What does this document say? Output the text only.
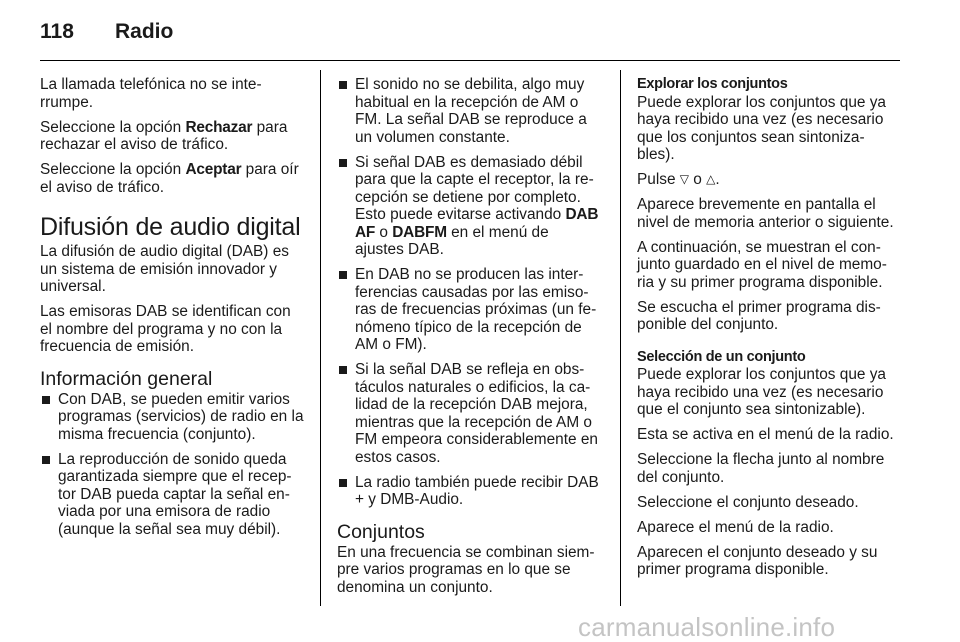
118 Radio

La llamada telefónica no se inte- rrumpe.

Seleccione la opción Rechazar para rechazar el aviso de tráfico.

Seleccione la opción Aceptar para oír el aviso de tráfico.

Difusión de audio digital

La difusión de audio digital (DAB) es un sistema de emisión innovador y universal.

Las emisoras DAB se identifican con el nombre del programa y no con la frecuencia de emisión.

Información general
Con DAB, se pueden emitir varios programas (servicios) de radio en la misma frecuencia (conjunto).
La reproducción de sonido queda garantizada siempre que el recep- tor DAB pueda captar la señal en- viada por una emisora de radio (aunque la señal sea muy débil).
El sonido no se debilita, algo muy habitual en la recepción de AM o FM. La señal DAB se reproduce a un volumen constante.
Si señal DAB es demasiado débil para que la capte el receptor, la re- cepción se detiene por completo. Esto puede evitarse activando DAB AF o DABFM en el menú de ajustes DAB.
En DAB no se producen las inter- ferencias causadas por las emiso- ras de frecuencias próximas (un fe- nómeno típico de la recepción de AM o FM).
Si la señal DAB se refleja en obs- táculos naturales o edificios, la ca- lidad de la recepción DAB mejora, mientras que la recepción de AM o FM empeora considerablemente en estos casos.
La radio también puede recibir DAB + y DMB-Audio.
Conjuntos

En una frecuencia se combinan siem- pre varios programas en lo que se denomina un conjunto.

Explorar los conjuntos

Puede explorar los conjuntos que ya haya recibido una vez (es necesario que los conjuntos sean sintoniza- bles).

Pulse ▽ o △.

Aparece brevemente en pantalla el nivel de memoria anterior o siguiente.

A continuación, se muestran el con- junto guardado en el nivel de memo- ria y su primer programa disponible.

Se escucha el primer programa dis- ponible del conjunto.

Selección de un conjunto

Puede explorar los conjuntos que ya haya recibido una vez (es necesario que el conjunto sea sintonizable).

Esta se activa en el menú de la radio.

Seleccione la flecha junto al nombre del conjunto.

Seleccione el conjunto deseado.

Aparece el menú de la radio.

Aparecen el conjunto deseado y su primer programa disponible.

carmanualsonline.info
